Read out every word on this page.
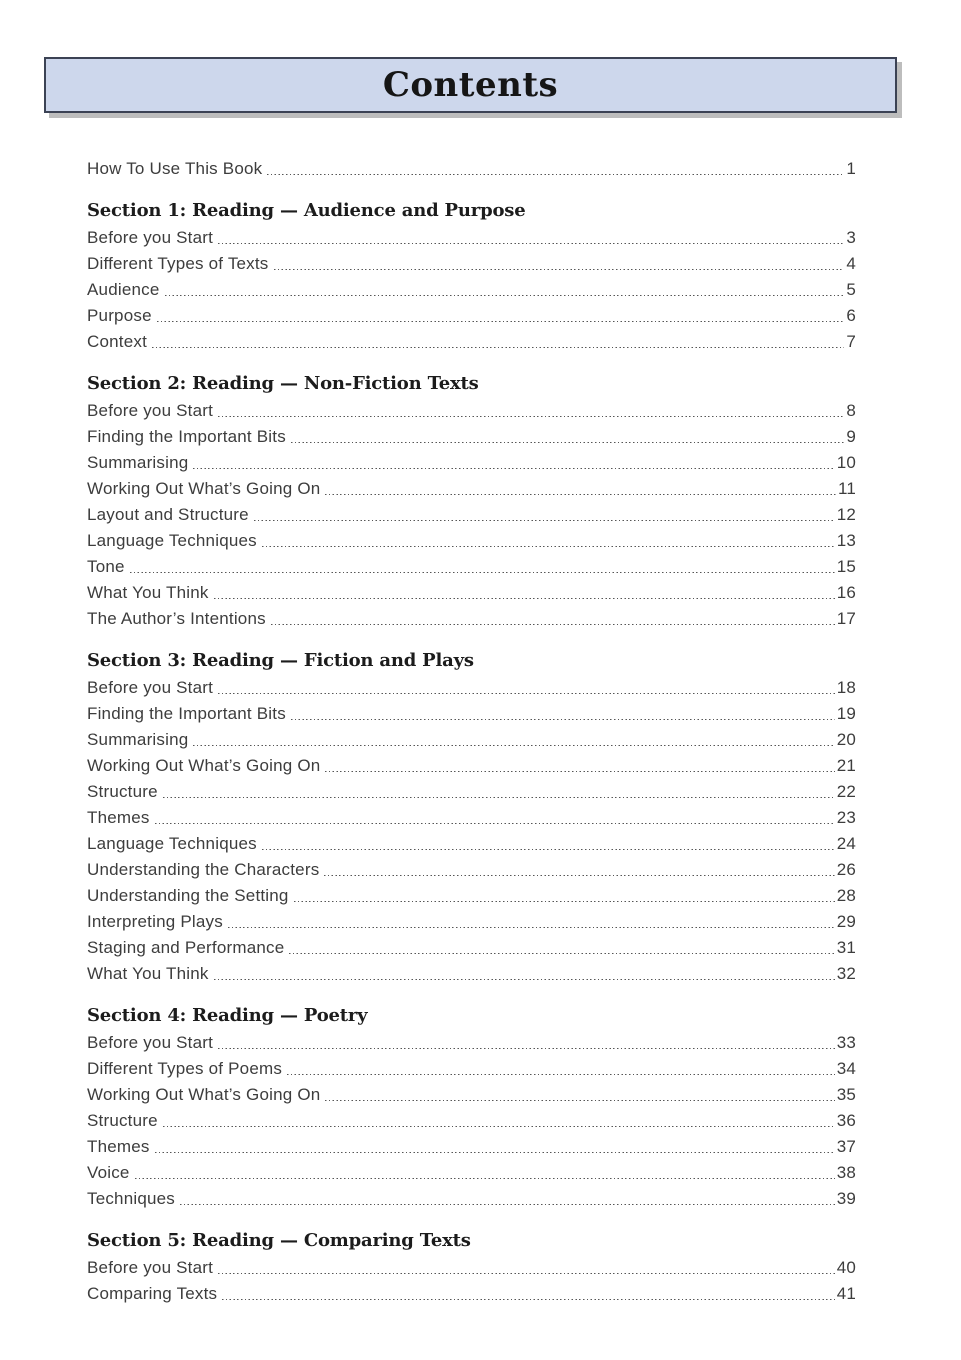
Contents
How To Use This Book	1
Section 1: Reading — Audience and Purpose
Before you Start	3
Different Types of Texts	4
Audience	5
Purpose	6
Context	7
Section 2: Reading — Non-Fiction Texts
Before you Start	8
Finding the Important Bits	9
Summarising	10
Working Out What’s Going On	11
Layout and Structure	12
Language Techniques	13
Tone	15
What You Think	16
The Author’s Intentions	17
Section 3: Reading — Fiction and Plays
Before you Start	18
Finding the Important Bits	19
Summarising	20
Working Out What’s Going On	21
Structure	22
Themes	23
Language Techniques	24
Understanding the Characters	26
Understanding the Setting	28
Interpreting Plays	29
Staging and Performance	31
What You Think	32
Section 4: Reading — Poetry
Before you Start	33
Different Types of Poems	34
Working Out What’s Going On	35
Structure	36
Themes	37
Voice	38
Techniques	39
Section 5: Reading — Comparing Texts
Before you Start	40
Comparing Texts	41
